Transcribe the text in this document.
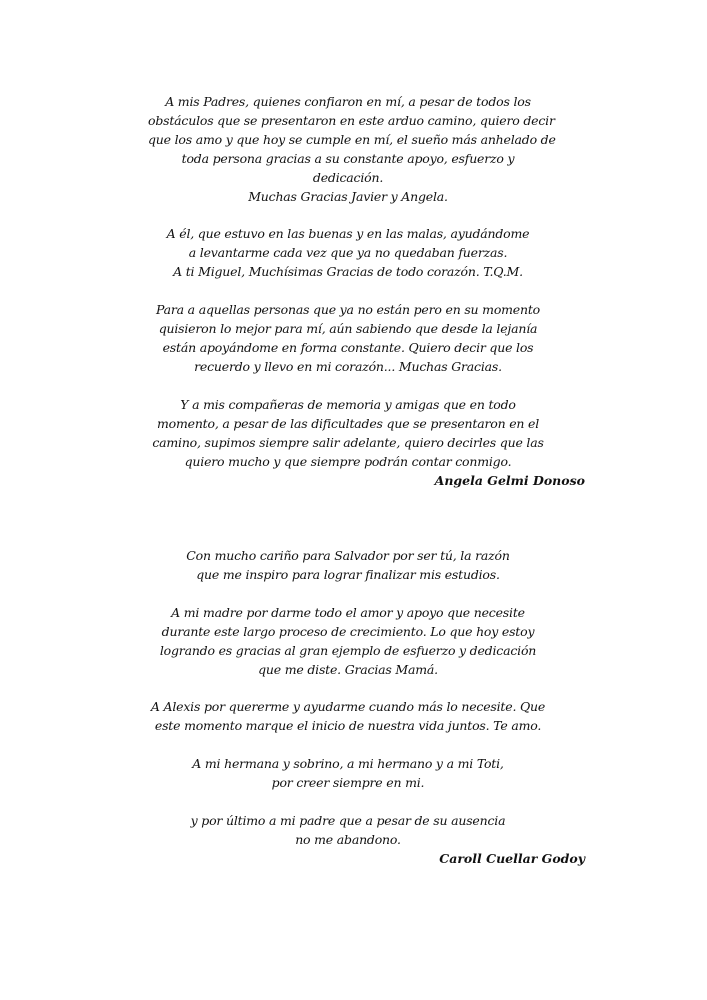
A mis Padres, quienes confiaron en mí, a pesar de todos los
obstáculos que se presentaron en este arduo camino, quiero decir
que los amo y que hoy se cumple en mí, el sueño más anhelado de
toda persona gracias a su constante apoyo, esfuerzo y
dedicación.
Muchas Gracias Javier y Angela.
A él, que estuvo en las buenas y en las malas, ayudándome
a levantarme cada vez que ya no quedaban fuerzas.
A ti Miguel, Muchísimas Gracias de todo corazón. T.Q.M.
Para a aquellas personas que ya no están pero en su momento
quisieron lo mejor para mí, aún sabiendo que desde la lejanía
están apoyándome en forma constante. Quiero decir que los
recuerdo y llevo en mi corazón... Muchas Gracias.
Y a mis compañeras de memoria y amigas que en todo
momento, a pesar de las dificultades que se presentaron en el
camino, supimos siempre salir adelante, quiero decirles que las
quiero mucho y que siempre podrán contar conmigo.
Angela Gelmi Donoso
Con mucho cariño para Salvador por ser tú, la razón
que me inspiro para lograr finalizar mis estudios.
A mi madre por darme todo el amor y apoyo que necesite
durante este largo proceso de crecimiento. Lo que hoy estoy
logrando es gracias al gran ejemplo de esfuerzo y dedicación
que me diste. Gracias Mamá.
A Alexis por quererme y ayudarme cuando más lo necesite. Que
este momento marque el inicio de nuestra vida juntos. Te amo.
A mi hermana y sobrino, a mi hermano y a mi Toti,
por creer siempre en mi.
y por último a mi padre que a pesar de su ausencia
no me abandono.
Caroll Cuellar Godoy
